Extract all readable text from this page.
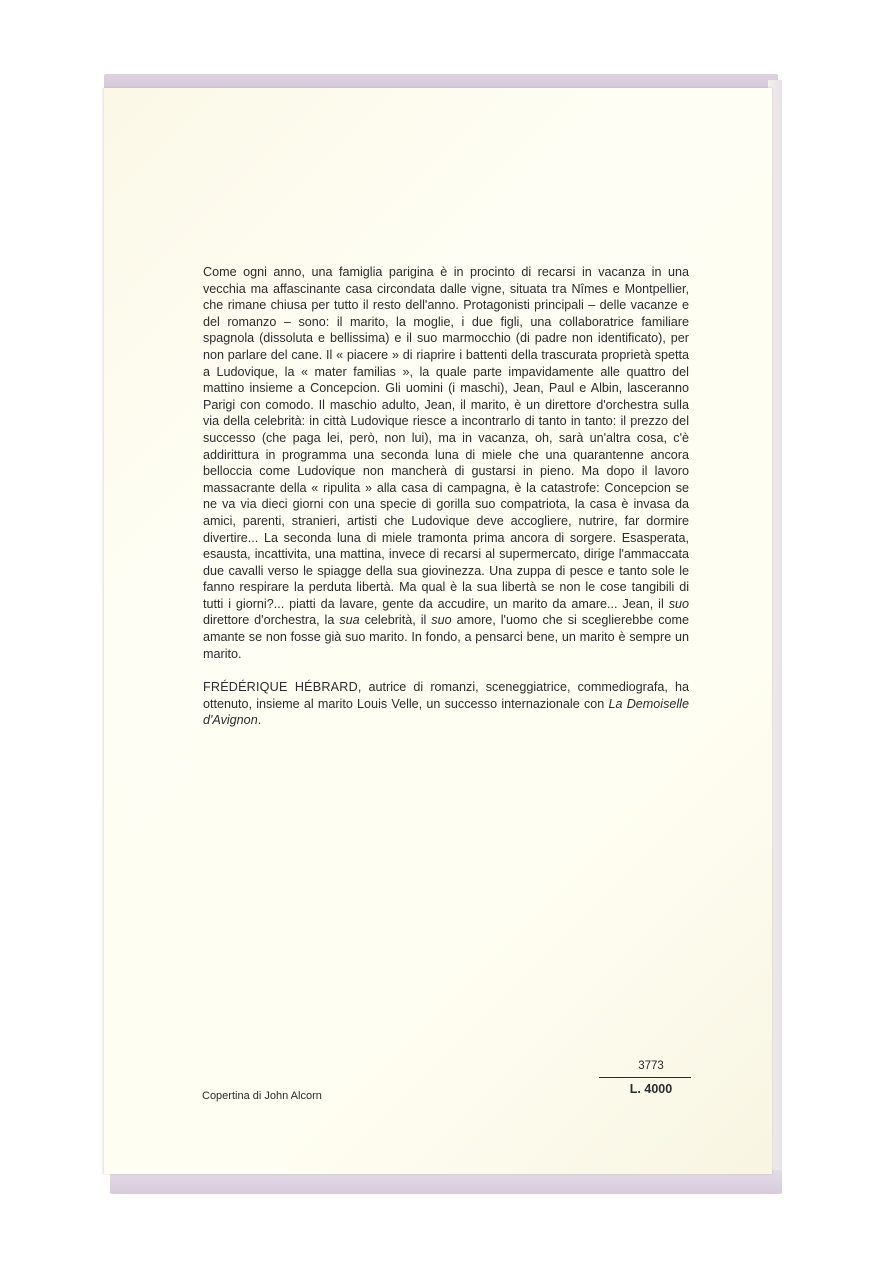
Come ogni anno, una famiglia parigina è in procinto di recarsi in vacanza in una vecchia ma affascinante casa circondata dalle vigne, situata tra Nîmes e Montpellier, che rimane chiusa per tutto il resto dell'anno. Protagonisti principali – delle vacanze e del romanzo – sono: il marito, la moglie, i due figli, una collaboratrice familiare spagnola (dissoluta e bellissima) e il suo marmocchio (di padre non identificato), per non parlare del cane. Il « piacere » di riaprire i battenti della trascurata proprietà spetta a Ludovique, la « mater familias », la quale parte impavidamente alle quattro del mattino insieme a Concepcion. Gli uomini (i maschi), Jean, Paul e Albin, lasceranno Parigi con comodo. Il maschio adulto, Jean, il marito, è un direttore d'orchestra sulla via della celebrità: in città Ludovique riesce a incontrarlo di tanto in tanto: il prezzo del successo (che paga lei, però, non lui), ma in vacanza, oh, sarà un'altra cosa, c'è addirittura in programma una seconda luna di miele che una quarantenne ancora belloccia come Ludovique non mancherà di gustarsi in pieno. Ma dopo il lavoro massacrante della « ripulita » alla casa di campagna, è la catastrofe: Concepcion se ne va via dieci giorni con una specie di gorilla suo compatriota, la casa è invasa da amici, parenti, stranieri, artisti che Ludovique deve accogliere, nutrire, far dormire divertire... La seconda luna di miele tramonta prima ancora di sorgere. Esasperata, esausta, incattivita, una mattina, invece di recarsi al supermercato, dirige l'ammaccata due cavalli verso le spiagge della sua giovinezza. Una zuppa di pesce e tanto sole le fanno respirare la perduta libertà. Ma qual è la sua libertà se non le cose tangibili di tutti i giorni?... piatti da lavare, gente da accudire, un marito da amare... Jean, il suo direttore d'orchestra, la sua celebrità, il suo amore, l'uomo che si sceglierebbe come amante se non fosse già suo marito. In fondo, a pensarci bene, un marito è sempre un marito.

FRÉDÉRIQUE HÉBRARD, autrice di romanzi, sceneggiatrice, commediografa, ha ottenuto, insieme al marito Louis Velle, un successo internazionale con La Demoiselle d'Avignon.

Copertina di John Alcorn
3773
L. 4000
